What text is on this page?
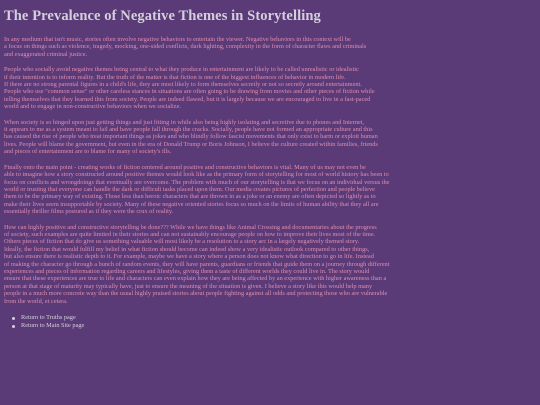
The Prevalence of Negative Themes in Storytelling

In any medium that isn't music, stories often involve negative behaviors to entertain the viewer. Negative behaviors in this context will be
a focus on things such as violence, tragedy, mocking, one-sided conflicts, dark lighting, complexity in the form of character flaws and criminals
and exaggerated criminal justice.

People who socially avoid negative themes being central to what they produce in entertainment are likely to be called unrealistic or idealistic
if their intention is to inform reality. But the truth of the matter is that fiction is one of the biggest influences of behavior in modern life.
If there are no strong parental figures in a child's life, they are most likely to form themselves secretly or not so secretly around entertainment.
People who use "common sense" or other careless stances in situations are often going to be drawing from movies and other pieces of fiction while
telling themselves that they learned this from society. People are indeed flawed, but it is largely because we are encouraged to live in a fast-paced
world and to engage in non-constructive behaviors when we socialize.

When society is so hinged upon just getting things and just fitting in while also being highly isolating and secretive due to phones and Internet,
it appears to me as a system meant to fail and have people fall through the cracks. Socially, people have not formed an appropriate culture and this
has caused the rise of people who treat important things as jokes and who blindly follow fascist movements that only exist to harm or exploit human
lives. People will blame the government, but even in the era of Donald Trump or Boris Johnson, I believe the culture created within families, friends
and pieces of entertainment are to blame for many of society's ills.

Finally onto the main point - creating works of fiction centered around positive and constructive behaviors is vital. Many of us may not even be
able to imagine how a story constructed around positive themes would look like as the primary form of storytelling for most of world history has been to
focus on conflicts and wrongdoings that eventually are overcome. The problem with much of our storytelling is that we focus on an individual versus the
world or trusting that everyone can handle the dark or difficult tasks placed upon them. Our media creates pictures of perfection and people believe
them to be the primary way of existing. Those less than heroic characters that are thrown in as a joke or an enemy are often depicted so lightly as to
make their lives seem insupportable by society. Many of these negative oriented stories focus so much on the limits of human ability that they all are
essentially thriller films postured as if they were the crux of reality.

How can highly positive and constructive storytelling be done??? While we have things like Animal Crossing and documentaries about the progress
of society, such examples are quite limited in their stories and can not sustainably encourage people on how to improve their lives most of the time.
Others pieces of fiction that do give us something valuable will most likely be a resolution to a story arc in a largely negatively themed story.
Ideally, the fiction that would fulfill my belief in what fiction should become can indeed show a very idealistic outlook compared to other things,
but also ensure there is realistic depth to it. For example, maybe we have a story where a person does not know what direction to go in life. Instead
of making the character go through a bunch of random events, they will have parents, guardians or friends that guide them on a journey through different
experiences and pieces of information regarding careers and lifestyles, giving them a taste of different worlds they could live in. The story would
ensure that these experiences are true to life and characters can even explain how they are being affected by an experience with higher awareness than a
person at that stage of maturity may typically have, just to ensure the meaning of the situation is given. I believe a story like this would help many
people in a much more concrete way than the usual highly praised stories about people fighting against all odds and protecting those who are vulnerable
from the world, et cetera.

Return to Truths page
Return to Main Site page
